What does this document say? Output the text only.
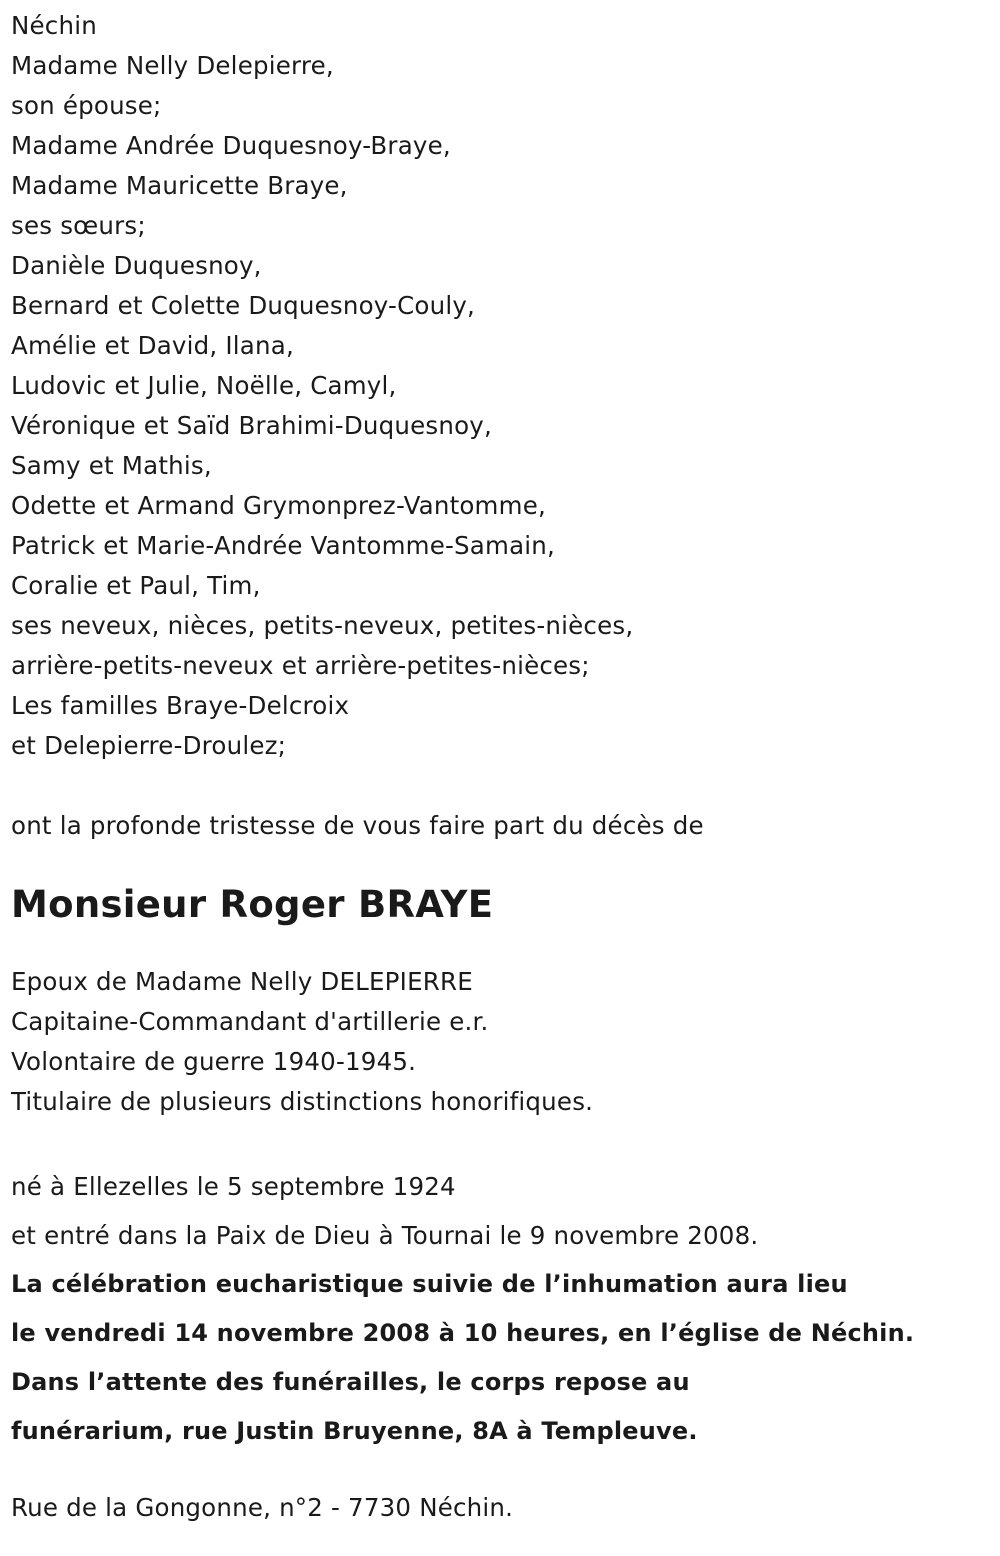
Néchin
Madame Nelly Delepierre,
son épouse;
Madame Andrée Duquesnoy-Braye,
Madame Mauricette Braye,
ses sœurs;
Danièle Duquesnoy,
Bernard et Colette Duquesnoy-Couly,
Amélie et David, Ilana,
Ludovic et Julie, Noëlle, Camyl,
Véronique et Saïd Brahimi-Duquesnoy,
Samy et Mathis,
Odette et Armand Grymonprez-Vantomme,
Patrick et Marie-Andrée Vantomme-Samain,
Coralie et Paul, Tim,
ses neveux, nièces, petits-neveux, petites-nièces,
arrière-petits-neveux et arrière-petites-nièces;
Les familles Braye-Delcroix
et Delepierre-Droulez;
ont la profonde tristesse de vous faire part du décès de
Monsieur Roger BRAYE
Epoux de Madame Nelly DELEPIERRE
Capitaine-Commandant d'artillerie e.r.
Volontaire de guerre 1940-1945.
Titulaire de plusieurs distinctions honorifiques.
né à Ellezelles le 5 septembre 1924
et entré dans la Paix de Dieu à Tournai le 9 novembre 2008.
La célébration eucharistique suivie de l’inhumation aura lieu
le vendredi 14 novembre 2008 à 10 heures, en l’église de Néchin.
Dans l’attente des funérailles, le corps repose au
funérarium, rue Justin Bruyenne, 8A à Templeuve.
Rue de la Gongonne, n°2 - 7730 Néchin.
